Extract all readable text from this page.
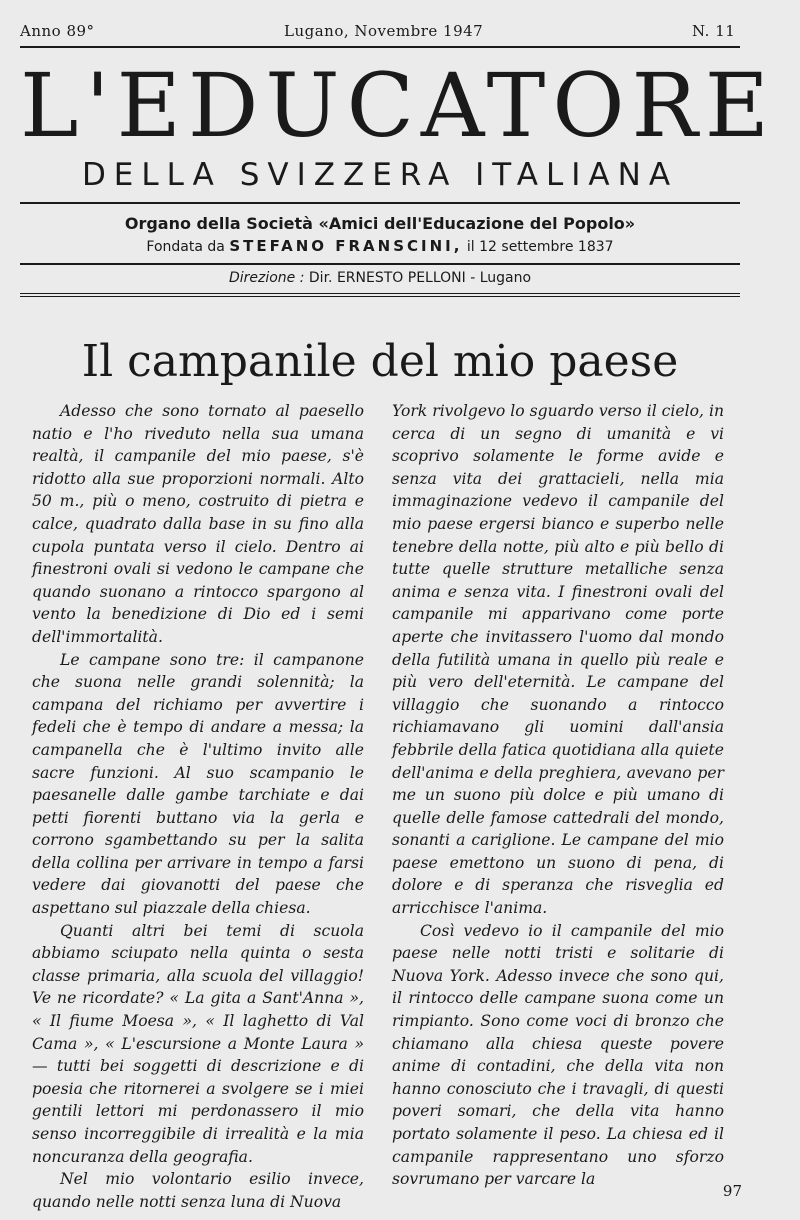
Anno 89°	Lugano, Novembre 1947	N. 11
L'EDUCATORE
DELLA SVIZZERA ITALIANA
Organo della Società «Amici dell'Educazione del Popolo»
Fondata da STEFANO FRANSCINI, il 12 settembre 1837
Direzione : Dir. ERNESTO PELLONI - Lugano
Il campanile del mio paese

Adesso che sono tornato al paesello natio e l'ho riveduto nella sua umana realtà, il campanile del mio paese, s'è ridotto alla sue proporzioni normali. Alto 50 m., più o meno, costruito di pietra e calce, quadrato dalla base in su fino alla cupola puntata verso il cielo. Dentro ai finestroni ovali si vedono le campane che quando suonano a rintocco spargono al vento la benedizione di Dio ed i semi dell'immortalità.

Le campane sono tre: il campanone che suona nelle grandi solennità; la campana del richiamo per avvertire i fedeli che è tempo di andare a messa; la campanella che è l'ultimo invito alle sacre funzioni. Al suo scampanio le paesanelle dalle gambe tarchiate e dai petti fiorenti buttano via la gerla e corrono sgambettando su per la salita della collina per arrivare in tempo a farsi vedere dai giovanotti del paese che aspettano sul piazzale della chiesa.

Quanti altri bei temi di scuola abbiamo sciupato nella quinta o sesta classe primaria, alla scuola del villaggio! Ve ne ricordate? « La gita a Sant'Anna », « Il fiume Moesa », « Il laghetto di Val Cama », « L'escursione a Monte Laura » — tutti bei soggetti di descrizione e di poesia che ritornerei a svolgere se i miei gentili lettori mi perdonassero il mio senso incorreggibile di irrealità e la mia noncuranza della geografia.

Nel mio volontario esilio invece, quando nelle notti senza luna di Nuova

York rivolgevo lo sguardo verso il cielo, in cerca di un segno di umanità e vi scoprivo solamente le forme avide e senza vita dei grattacieli, nella mia immaginazione vedevo il campanile del mio paese ergersi bianco e superbo nelle tenebre della notte, più alto e più bello di tutte quelle strutture metalliche senza anima e senza vita. I finestroni ovali del campanile mi apparivano come porte aperte che invitassero l'uomo dal mondo della futilità umana in quello più reale e più vero dell'eternità. Le campane del villaggio che suonando a rintocco richiamavano gli uomini dall'ansia febbrile della fatica quotidiana alla quiete dell'anima e della preghiera, avevano per me un suono più dolce e più umano di quelle delle famose cattedrali del mondo, sonanti a cariglione. Le campane del mio paese emettono un suono di pena, di dolore e di speranza che risveglia ed arricchisce l'anima.

Così vedevo io il campanile del mio paese nelle notti tristi e solitarie di Nuova York. Adesso invece che sono qui, il rintocco delle campane suona come un rimpianto. Sono come voci di bronzo che chiamano alla chiesa queste povere anime di contadini, che della vita non hanno conosciuto che i travagli, di questi poveri somari, che della vita hanno portato solamente il peso. La chiesa ed il campanile rappresentano uno sforzo sovrumano per varcare la

97
